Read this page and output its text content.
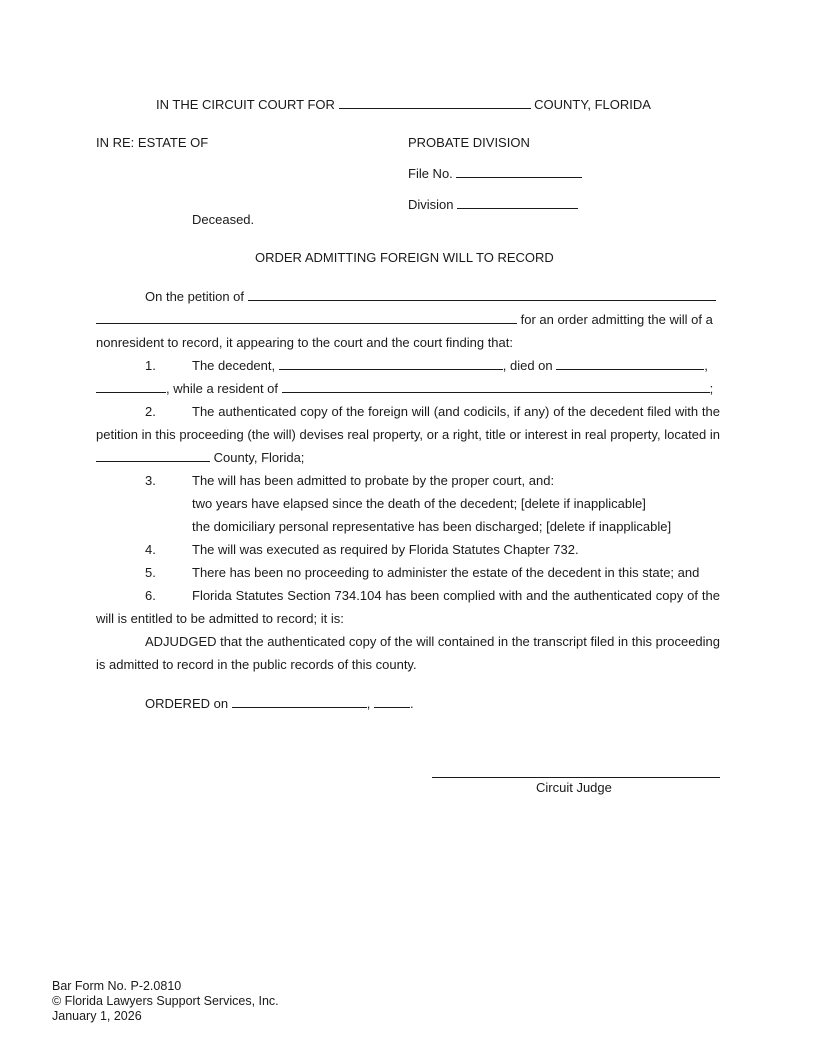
IN THE CIRCUIT COURT FOR	COUNTY, FLORIDA
IN RE: ESTATE OF
Deceased.
PROBATE DIVISION
File No.
Division
ORDER ADMITTING FOREIGN WILL TO RECORD
On the petition of
for an order admitting the will of a
nonresident to record, it appearing to the court and the court finding that:
1.	The decedent,	, died on	,
, while a resident of	;
2.	The authenticated copy of the foreign will (and codicils, if any) of the decedent filed with the
petition in this proceeding (the will) devises real property, or a right, title or interest in real property, located in
County, Florida;
3.	The will has been admitted to probate by the proper court, and:
two years have elapsed since the death of the decedent; [delete if inapplicable]
the domiciliary personal representative has been discharged; [delete if inapplicable]
4.	The will was executed as required by Florida Statutes Chapter 732.
5.	There has been no proceeding to administer the estate of the decedent in this state; and
6.	Florida Statutes Section 734.104 has been complied with and the authenticated copy of the
will is entitled to be admitted to record; it is:
ADJUDGED that the authenticated copy of the will contained in the transcript filed in this proceeding
is admitted to record in the public records of this county.
ORDERED on	,	.
Circuit Judge
Bar Form No. P-2.0810
© Florida Lawyers Support Services, Inc.
January 1, 2026
